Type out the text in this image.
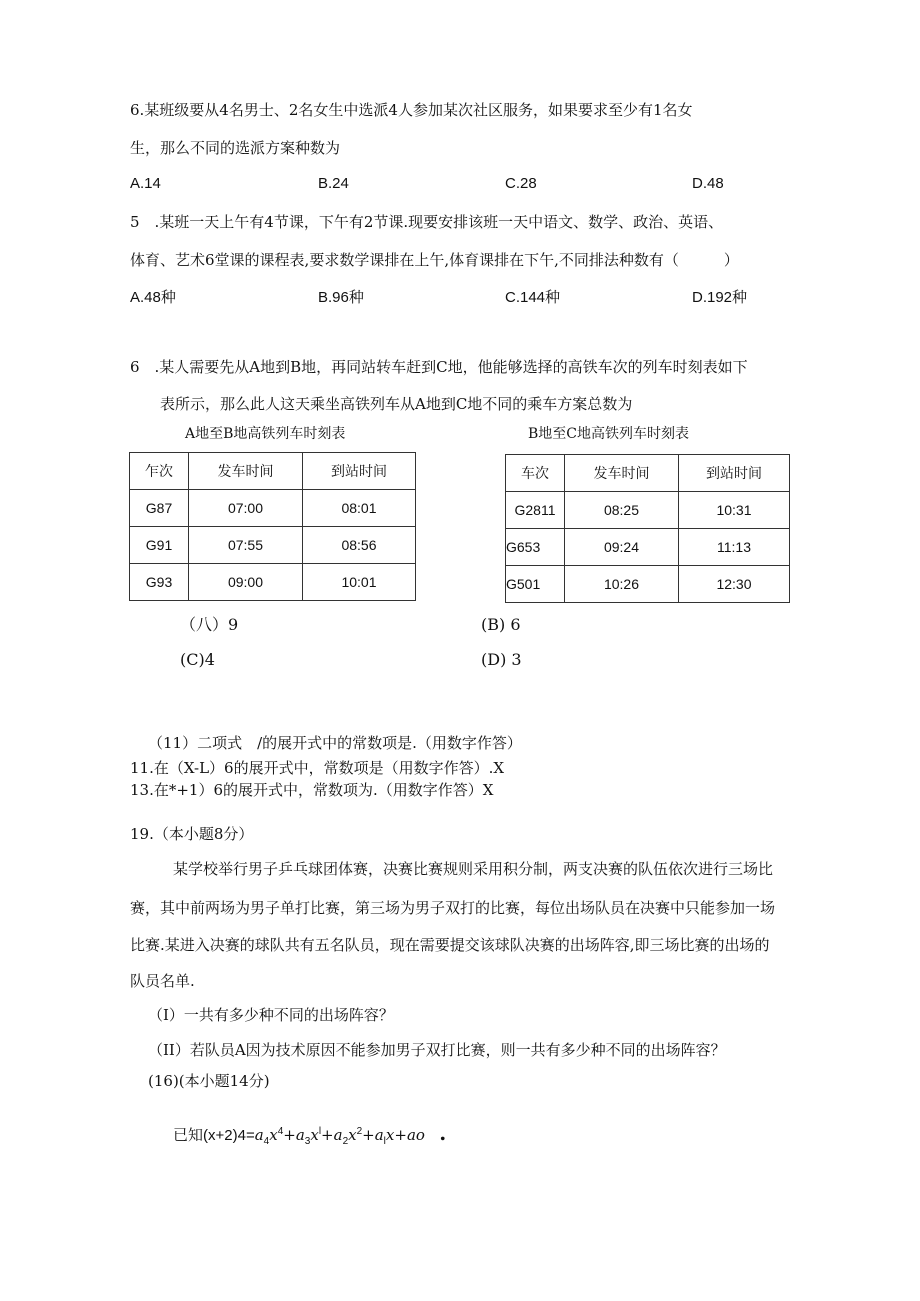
6.某班级要从4名男士、2名女生中选派4人参加某次社区服务，如果要求至少有1名女
生，那么不同的选派方案种数为
A.14	B.24	C.28	D.48
5　.某班一天上午有4节课，下午有2节课.现要安排该班一天中语文、数学、政治、英语、
体育、艺术6堂课的课程表,要求数学课排在上午,体育课排在下午,不同排法种数有（　　　）
A.48种	B.96种	C.144种	D.192种
6　.某人需要先从A地到B地，再同站转车赶到C地，他能够选择的高铁车次的列车时刻表如下
表所示，那么此人这天乘坐高铁列车从A地到C地不同的乘车方案总数为
A地至B地高铁列车时刻表	B地至C地高铁列车时刻表
乍次	发车时间	到站时间
G87	07:00	08:01
G91	07:55	08:56
G93	09:00	10:01
车次	发车时间	到站时间
G2811	08:25	10:31
G653	09:24	11:13
G501	10:26	12:30
（八）9	(B) 6
(C)4	(D) 3
（11）二项式　/的展开式中的常数项是.（用数字作答）
11.在（X-L）6的展开式中，常数项是（用数字作答）.X
13.在*+1）6的展开式中，常数项为.（用数字作答）X
19.（本小题8分）
某学校举行男子乒乓球团体赛，决赛比赛规则采用积分制，两支决赛的队伍依次进行三场比
赛，其中前两场为男子单打比赛，第三场为男子双打的比赛，每位出场队员在决赛中只能参加一场
比赛.某进入决赛的球队共有五名队员，现在需要提交该球队决赛的出场阵容,即三场比赛的出场的
队员名单.
（I）一共有多少种不同的出场阵容？
（II）若队员A因为技术原因不能参加男子双打比赛，则一共有多少种不同的出场阵容？
(16)(本小题14分)
已知$(x+2)4=a_4x^4+a_3x^l+a_2x^2+a_lx+ao$ .
